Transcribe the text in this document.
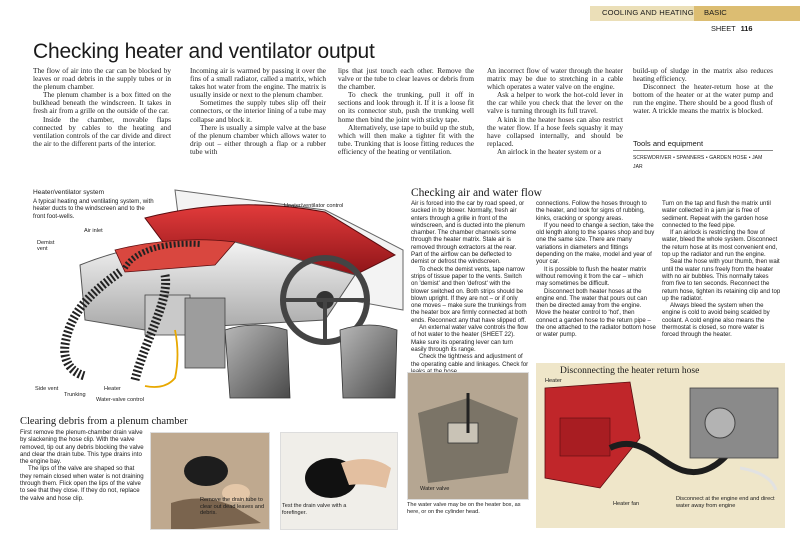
COOLING AND HEATING BASIC
SHEET 116
Checking heater and ventilator output

The flow of air into the car can be blocked by leaves or road debris in the supply tubes or in the plenum chamber.

The plenum chamber is a box fitted on the bulkhead beneath the windscreen. It takes in fresh air from a grille on the outside of the car.

Inside the chamber, movable flaps connected by cables to the heating and ventilation controls of the car divide and direct the air to the different parts of the interior.

Incoming air is warmed by passing it over the fins of a small radiator, called a matrix, which takes hot water from the engine. The matrix is usually inside or next to the plenum chamber.

Sometimes the supply tubes slip off their connectors, or the interior lining of a tube may collapse and block it.

There is usually a simple valve at the base of the plenum chamber which allows water to drip out – either through a flap or a rubber tube with

lips that just touch each other. Remove the valve or the tube to clear leaves or debris from the chamber.

To check the trunking, pull it off in sections and look through it. If it is a loose fit on its connector stub, push the trunking well home then bind the joint with sticky tape.

Alternatively, use tape to build up the stub, which will then make a tighter fit with the tube. Trunking that is loose fitting reduces the efficiency of the heating or ventilation.

An incorrect flow of water through the heater matrix may be due to stretching in a cable which operates a water valve on the engine.

Ask a helper to work the hot-cold lever in the car while you check that the lever on the valve is turning through its full travel.

A kink in the heater hoses can also restrict the water flow. If a hose feels squashy it may have collapsed internally, and should be replaced.

An airlock in the heater system or a

build-up of sludge in the matrix also reduces heating efficiency.

Disconnect the heater-return hose at the bottom of the heater or at the water pump and run the engine. There should be a good flush of water. A trickle means the matrix is blocked.

Tools and equipment
SCREWDRIVER • SPANNERS • GARDEN HOSE • JAM JAR
Heater/ventilator system
A typical heating and ventilating system, with heater ducts to the windscreen and to the front foot-wells.
Heater/ventilator control
Air inlet
Demist vent
Side vent
Trunking
Heater
Water-valve control
Checking air and water flow

Air is forced into the car by road speed, or sucked in by blower. Normally, fresh air enters through a grille in front of the windscreen, and is ducted into the plenum chamber. The chamber channels some through the heater matrix. Stale air is removed through extractors at the rear. Part of the airflow can be deflected to demist or defrost the windscreen.

To check the demist vents, tape narrow strips of tissue paper to the vents. Switch on 'demist' and then 'defrost' with the blower switched on. Both strips should be blown upright. If they are not – or if only one moves – make sure the trunkings from the heater box are firmly connected at both ends. Reconnect any that have slipped off.

An external water valve controls the flow of hot water to the heater (SHEET 22). Make sure its operating lever can turn easily through its range.

Check the tightness and adjustment of the operating cable and linkages. Check for

connections. Follow the hoses through to the heater, and look for signs of rubbing, kinks, cracking or spongy areas.

If you need to change a section, take the old length along to the spares shop and buy one the same size. There are many variations in diameters and fittings depending on the make, model and year of your car.

It is possible to flush the heater matrix without removing it from the car – which may sometimes be difficult.

Disconnect both heater hoses at the engine end. The water that pours out can then be directed away from the engine. Move the heater control to 'hot', then connect a garden hose to the return pipe – the one attached to the radiator bottom hose or water pump.

Turn on the tap and flush the matrix until water collected in a jam jar is free of sediment. Repeat with the garden hose connected to the feed pipe.

If an airlock is restricting the flow of water, bleed the whole system. Disconnect the return hose at its most convenient end, top up the radiator and run the engine.

Seal the hose with your thumb, then wait until the water runs freely from the heater with no air bubbles. This normally takes from five to ten seconds. Reconnect the return hose, tighten its retaining clip and top up the radiator.

Always bleed the system when the engine is cold to avoid being scalded by coolant. A cold engine also means the thermostat is closed, so more water is forced through the heater.

Clearing debris from a plenum chamber

First remove the plenum-chamber drain valve by slackening the hose clip. With the valve removed, tip out any debris blocking the valve and clear the drain tube. This type drains into the engine bay.

The lips of the valve are shaped so that they remain closed when water is not draining through them. Flick open the lips of the valve to see that they close. If they do not, replace the valve and hose clip.	Remove the drain tube to clear out dead leaves and debris.
Test the drain valve with a forefinger.
Water valve
The water valve may be on the heater box, as here, or on the cylinder head.
Disconnecting the heater return hose
Heater
Heater fan
Disconnect at the engine end and direct water away from engine
